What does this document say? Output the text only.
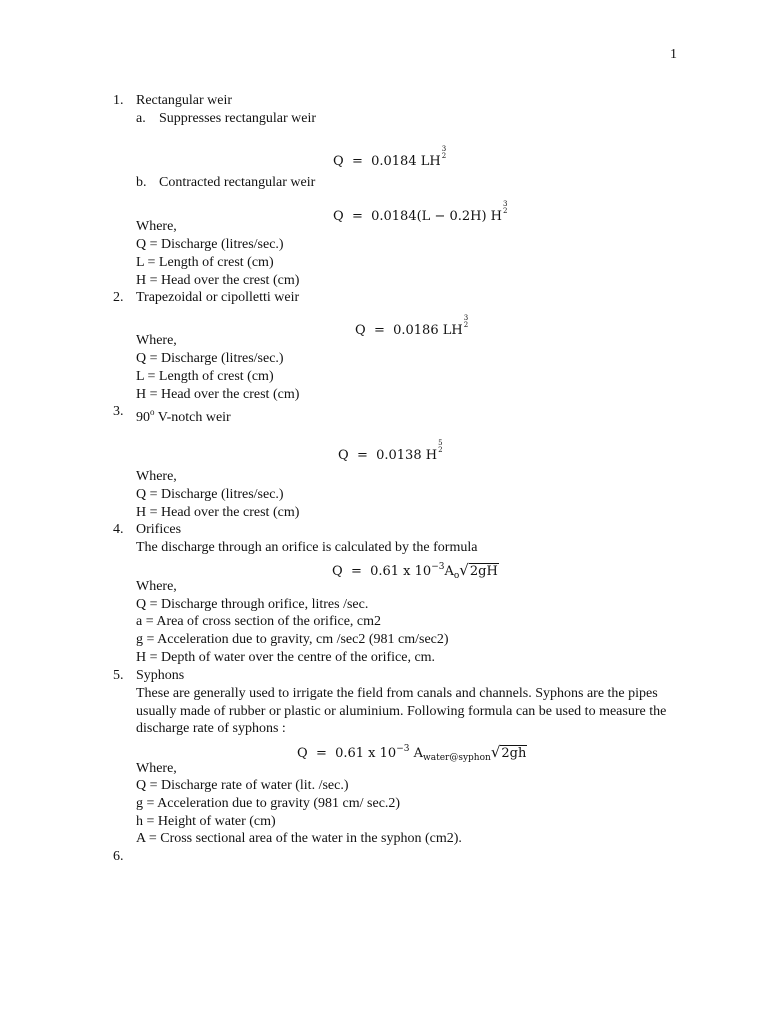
1
1. Rectangular weir
a. Suppresses rectangular weir
Q = 0.0184 LH
3
2
b. Contracted rectangular weir
Q = 0.0184(L − 0.2H) H
3
2
Where,
Q = Discharge (litres/sec.)
L = Length of crest (cm)
H = Head over the crest (cm)
2. Trapezoidal or cipolletti weir
Q = 0.0186 LH
3
2
Where,
Q = Discharge (litres/sec.)
L = Length of crest (cm)
H = Head over the crest (cm)
3. 90$^o$ V-notch weir
Q = 0.0138 H
5
2
Where,
Q = Discharge (litres/sec.)
H = Head over the crest (cm)
4. Orifices
The discharge through an orifice is calculated by the formula
Q = 0.61 x $10^{-3}A_o√2gH$
Where,
Q = Discharge through orifice, litres /sec.
a = Area of cross section of the orifice, cm2
g = Acceleration due to gravity, cm /sec2 (981 cm/sec2)
H = Depth of water over the centre of the orifice, cm.
5. Syphons
These are generally used to irrigate the field from canals and channels. Syphons are the pipes
usually made of rubber or plastic or aluminium. Following formula can be used to measure the
discharge rate of syphons :
Q = 0.61 x $10^{-3}$ $A_{water@syphon}√2gh$
Where,
Q = Discharge rate of water (lit. /sec.)
g = Acceleration due to gravity (981 cm/ sec.2)
h = Height of water (cm)
A = Cross sectional area of the water in the syphon (cm2).
6.
